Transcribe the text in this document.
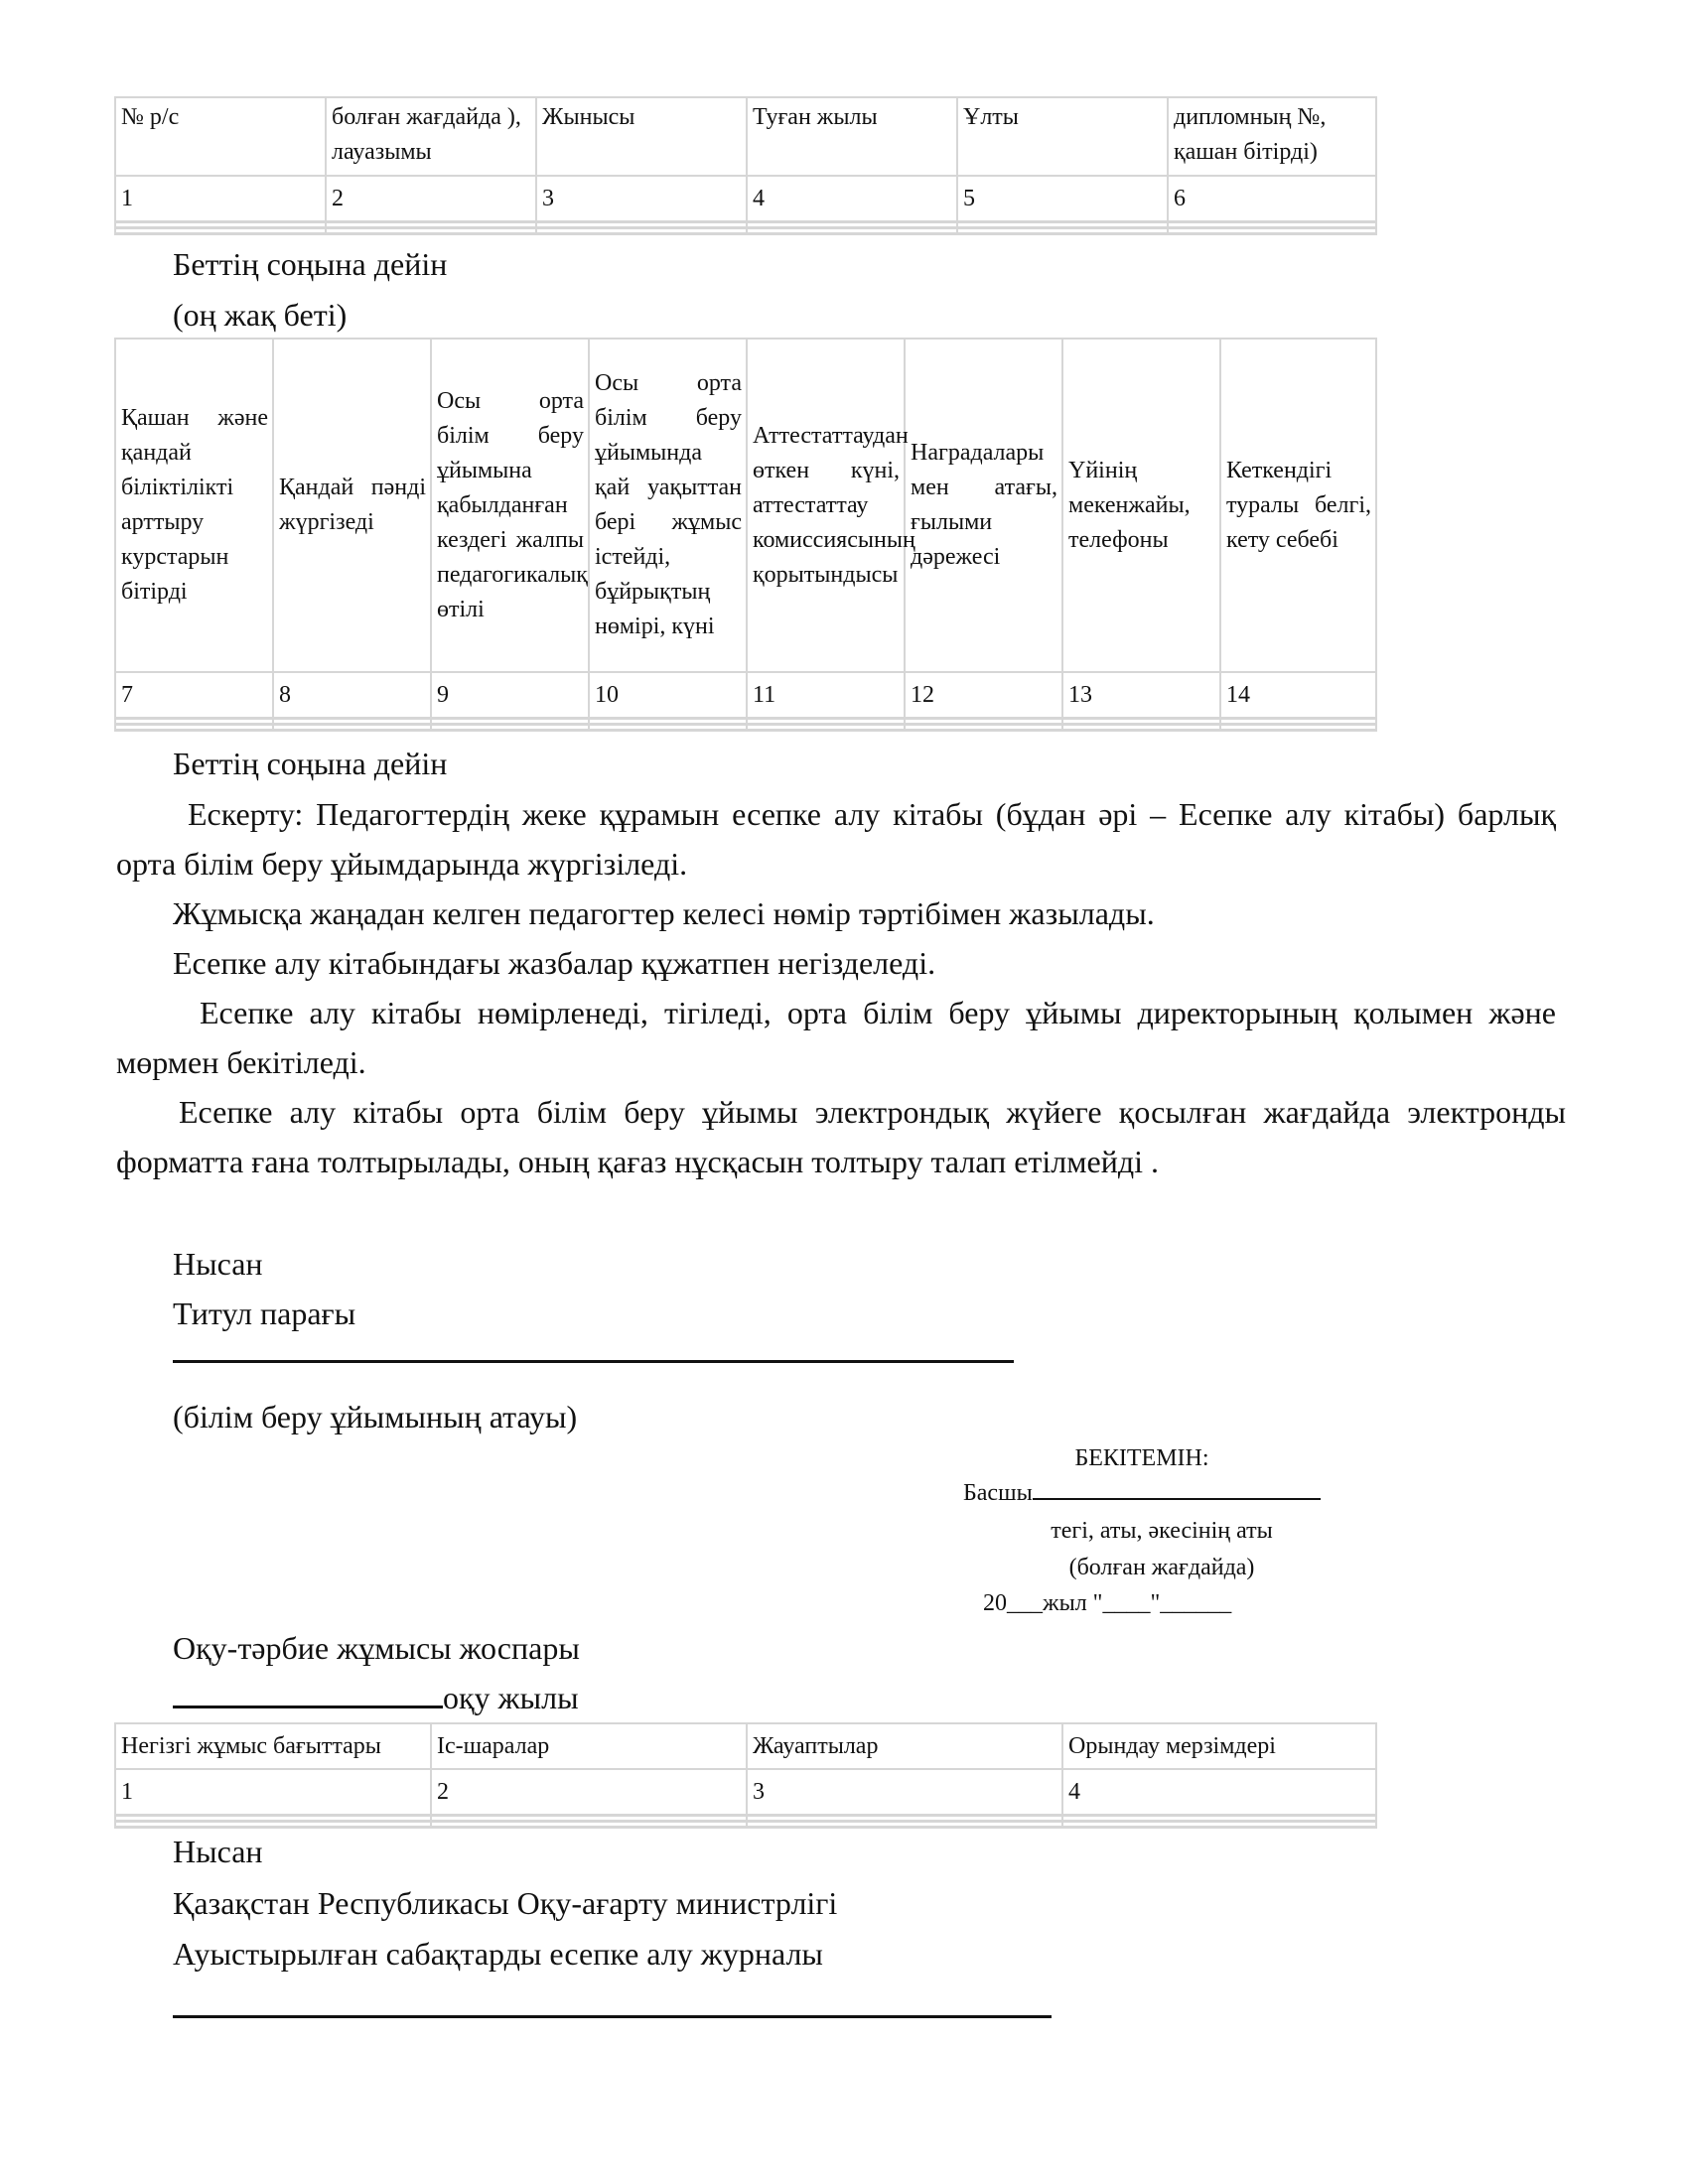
№ р/с	болған жағдайда ), лауазымы	Жынысы	Туған жылы	Ұлты	дипломның №, қашан бітірді)
1	2	3	4	5	6

Беттің соңына дейін
(оң жақ беті)
Қашан және қандай біліктілікті арттыру курстарын бітірді	Қандай пәнді жүргізеді	Осы орта білім беру ұйымына қабылданған кездегі жалпы педагогикалық өтілі	Осы орта білім беру ұйымында қай уақыттан бері жұмыс істейді, бұйрықтың нөмірі, күні	Аттестаттаудан өткен күні, аттестаттау комиссиясының қорытындысы	Наградалары мен атағы, ғылыми дәрежесі	Үйінің мекенжайы, телефоны	Кеткендігі туралы белгі, кету себебі
7	8	9	10	11	12	13	14

Беттің соңына дейін
Ескерту: Педагогтердің жеке құрамын есепке алу кітабы (бұдан әрі – Есепке алу кітабы) барлық орта білім беру ұйымдарында жүргізіледі.
Жұмысқа жаңадан келген педагогтер келесі нөмір тәртібімен жазылады.
Есепке алу кітабындағы жазбалар құжатпен негізделеді.
Есепке алу кітабы нөмірленеді, тігіледі, орта білім беру ұйымы директорының қолымен және мөрмен бекітіледі.
Есепке алу кітабы орта білім беру ұйымы электрондық жүйеге қосылған жағдайда электронды форматта ғана толтырылады, оның қағаз нұсқасын толтыру талап етілмейді .
Нысан
Титул парағы
(білім беру ұйымының атауы)
БЕКІТЕМІН:
Басшы
тегі, аты, әкесінің аты
(болған жағдайда)
20___жыл "____"______
Оқу-тәрбие жұмысы жоспары
оқу жылы
Негізгі жұмыс бағыттары	Іс-шаралар	Жауаптылар	Орындау мерзімдері
1	2	3	4

Нысан
Қазақстан Республикасы Оқу-ағарту министрлігі
Ауыстырылған сабақтарды есепке алу журналы
